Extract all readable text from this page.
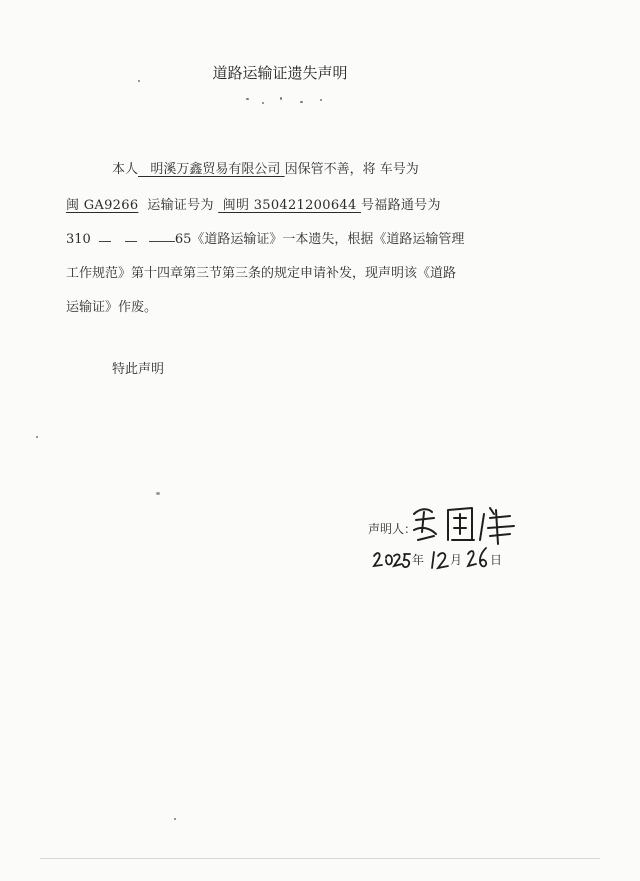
道路运输证遗失声明
本人 明溪万鑫贸易有限公司 因保管不善，将 车号为
闽 GA9266 运输证号为 闽明 350421200644 号福路通号为
310	65《道路运输证》一本遗失，根据《道路运输管理
工作规范》第十四章第三节第三条的规定申请补发，现声明该《道路
运输证》作废。
特此声明
声明人：
年 月 日
